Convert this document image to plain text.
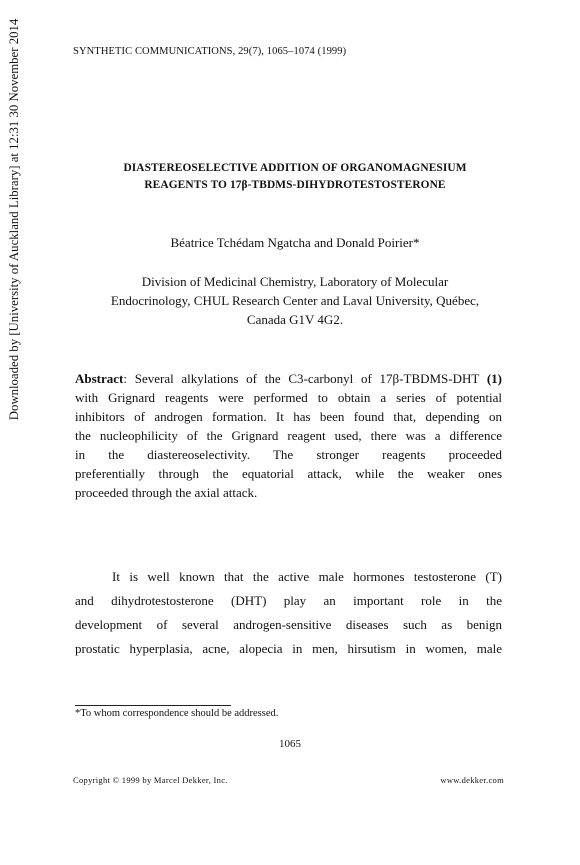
SYNTHETIC COMMUNICATIONS, 29(7), 1065–1074 (1999)
Downloaded by [University of Auckland Library] at 12:31 30 November 2014	DIASTEREOSELECTIVE ADDITION OF ORGANOMAGNESIUM
REAGENTS TO 17β-TBDMS-DIHYDROTESTOSTERONE
Béatrice Tchédam Ngatcha and Donald Poirier*
Division of Medicinal Chemistry, Laboratory of Molecular
Endocrinology, CHUL Research Center and Laval University, Québec,
Canada G1V 4G2.
Abstract: Several alkylations of the C3-carbonyl of 17β-TBDMS-DHT (1)
with Grignard reagents were performed to obtain a series of potential
inhibitors of androgen formation. It has been found that, depending on
the nucleophilicity of the Grignard reagent used, there was a difference
in the diastereoselectivity. The stronger reagents proceeded
preferentially through the equatorial attack, while the weaker ones
proceeded through the axial attack.
It is well known that the active male hormones testosterone (T)
and dihydrotestosterone (DHT) play an important role in the
development of several androgen-sensitive diseases such as benign
prostatic hyperplasia, acne, alopecia in men, hirsutism in women, male
*To whom correspondence should be addressed.
1065
Copyright © 1999 by Marcel Dekker, Inc.	www.dekker.com
